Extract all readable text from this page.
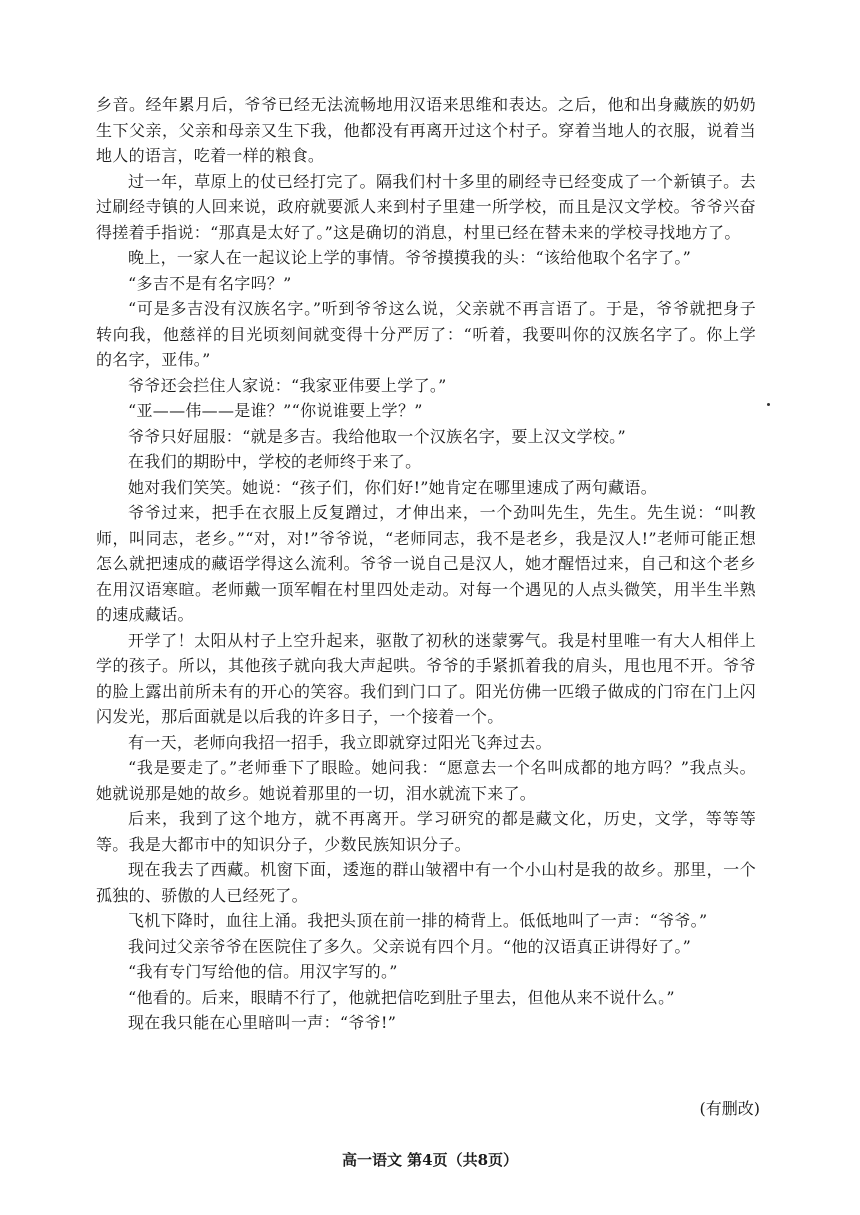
乡音。经年累月后，爷爷已经无法流畅地用汉语来思维和表达。之后，他和出身藏族的奶奶生下父亲，父亲和母亲又生下我，他都没有再离开过这个村子。穿着当地人的衣服，说着当地人的语言，吃着一样的粮食。

过一年，草原上的仗已经打完了。隔我们村十多里的刷经寺已经变成了一个新镇子。去过刷经寺镇的人回来说，政府就要派人来到村子里建一所学校，而且是汉文学校。爷爷兴奋得搓着手指说：“那真是太好了。”这是确切的消息，村里已经在替未来的学校寻找地方了。

晚上，一家人在一起议论上学的事情。爷爷摸摸我的头：“该给他取个名字了。”

“多吉不是有名字吗？”

“可是多吉没有汉族名字。”听到爷爷这么说，父亲就不再言语了。于是，爷爷就把身子转向我，他慈祥的目光顷刻间就变得十分严厉了：“听着，我要叫你的汉族名字了。你上学的名字，亚伟。”

爷爷还会拦住人家说：“我家亚伟要上学了。”

“亚——伟——是谁？”“你说谁要上学？”

爷爷只好屈服：“就是多吉。我给他取一个汉族名字，要上汉文学校。”

在我们的期盼中，学校的老师终于来了。

她对我们笑笑。她说：“孩子们，你们好!”她肯定在哪里速成了两句藏语。

爷爷过来，把手在衣服上反复蹭过，才伸出来，一个劲叫先生，先生。先生说：“叫教师，叫同志，老乡。”“对，对!”爷爷说，“老师同志，我不是老乡，我是汉人!”老师可能正想怎么就把速成的藏语学得这么流利。爷爷一说自己是汉人，她才醒悟过来，自己和这个老乡在用汉语寒暄。老师戴一顶军帽在村里四处走动。对每一个遇见的人点头微笑，用半生半熟的速成藏话。

开学了！太阳从村子上空升起来，驱散了初秋的迷蒙雾气。我是村里唯一有大人相伴上学的孩子。所以，其他孩子就向我大声起哄。爷爷的手紧抓着我的肩头，甩也甩不开。爷爷的脸上露出前所未有的开心的笑容。我们到门口了。阳光仿佛一匹缎子做成的门帘在门上闪闪发光，那后面就是以后我的许多日子，一个接着一个。

有一天，老师向我招一招手，我立即就穿过阳光飞奔过去。

“我是要走了。”老师垂下了眼睑。她问我：“愿意去一个名叫成都的地方吗？”我点头。她就说那是她的故乡。她说着那里的一切，泪水就流下来了。

后来，我到了这个地方，就不再离开。学习研究的都是藏文化，历史，文学，等等等等。我是大都市中的知识分子，少数民族知识分子。

现在我去了西藏。机窗下面，逶迤的群山皱褶中有一个小山村是我的故乡。那里，一个孤独的、骄傲的人已经死了。

飞机下降时，血往上涌。我把头顶在前一排的椅背上。低低地叫了一声：“爷爷。”

我问过父亲爷爷在医院住了多久。父亲说有四个月。“他的汉语真正讲得好了。”

“我有专门写给他的信。用汉字写的。”

“他看的。后来，眼睛不行了，他就把信吃到肚子里去，但他从来不说什么。”

现在我只能在心里暗叫一声：“爷爷!”

(有删改)
高一语文 第4页（共8页）
